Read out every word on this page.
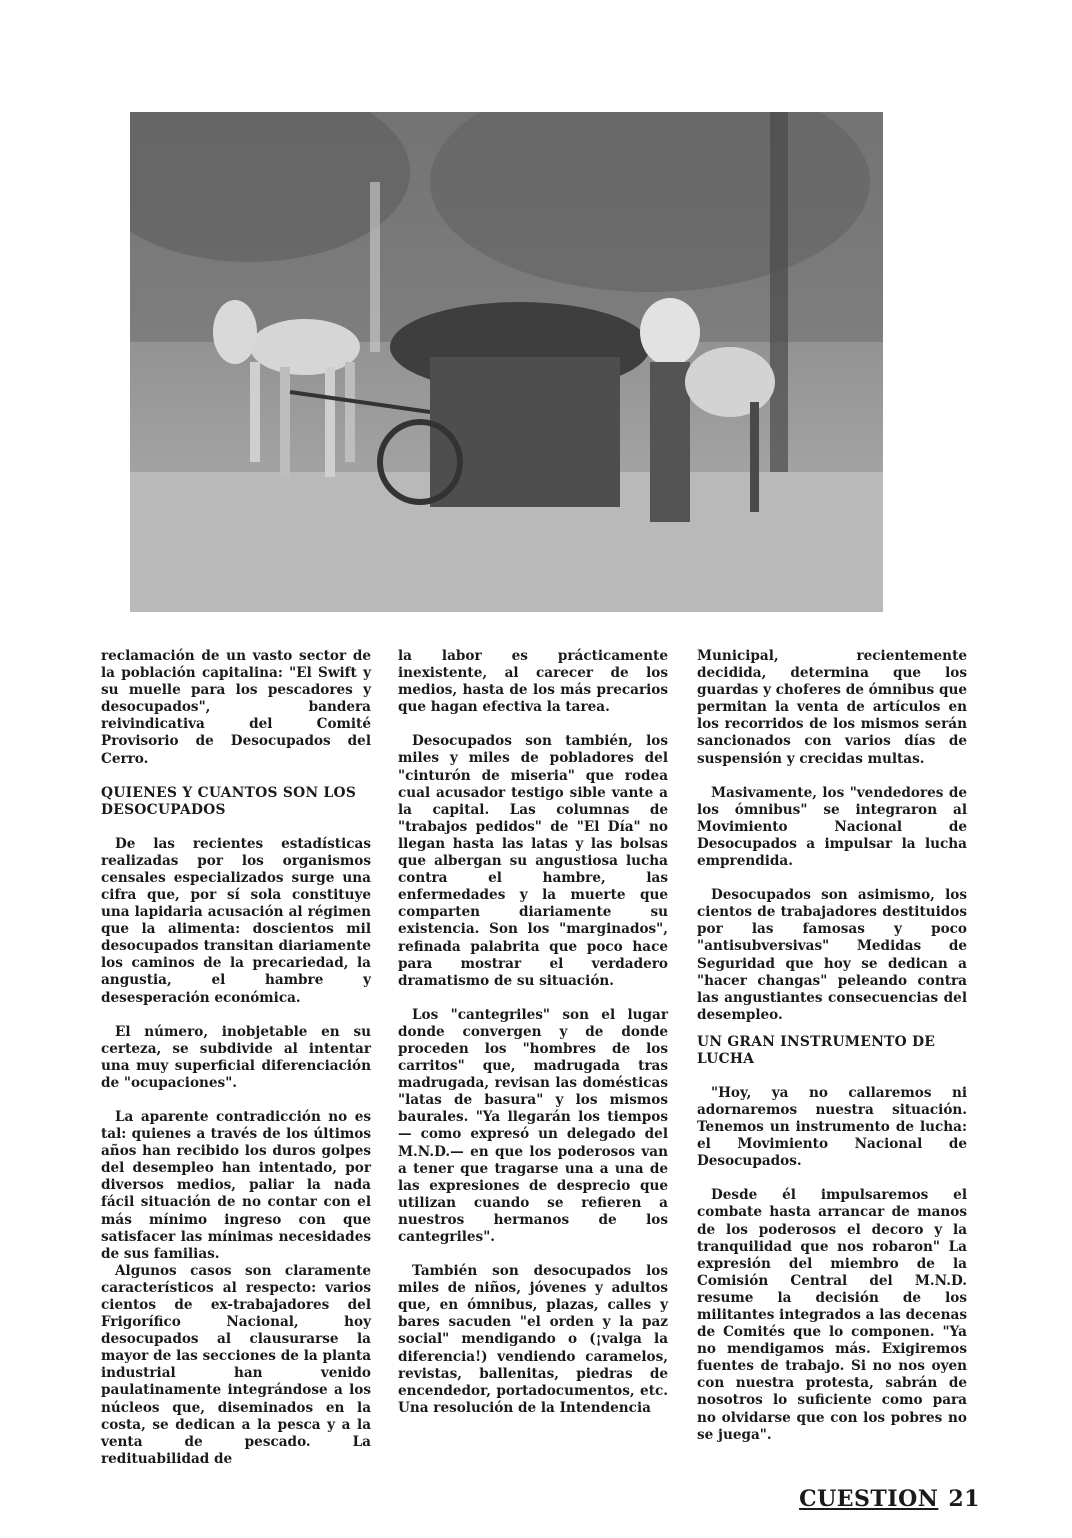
reclamación de un vasto sector de la población capitalina: "El Swift y su muelle para los pescadores y desocupados", bandera reivindicativa del Comité Provisorio de Desocupados del Cerro.

QUIENES Y CUANTOS SON LOS DESOCUPADOS

De las recientes estadísticas realizadas por los organismos censales especializados surge una cifra que, por sí sola constituye una lapidaria acusación al régimen que la alimenta: doscientos mil desocupados transitan diariamente los caminos de la precariedad, la angustia, el hambre y desesperación económica.

El número, inobjetable en su certeza, se subdivide al intentar una muy superficial diferenciación de "ocupaciones".

La aparente contradicción no es tal: quienes a través de los últimos años han recibido los duros golpes del desempleo han intentado, por diversos medios, paliar la nada fácil situación de no contar con el más mínimo ingreso con que satisfacer las mínimas necesidades de sus familias.

Algunos casos son claramente característicos al respecto: varios cientos de ex-trabajadores del Frigorífico Nacional, hoy desocupados al clausurarse la mayor de las secciones de la planta industrial han venido paulatinamente integrándose a los núcleos que, diseminados en la costa, se dedican a la pesca y a la venta de pescado. La redituabilidad de

la labor es prácticamente inexistente, al carecer de los medios, hasta de los más precarios que hagan efectiva la tarea.

Desocupados son también, los miles y miles de pobladores del "cinturón de miseria" que rodea cual acusador testigo sible vante a la capital. Las columnas de "trabajos pedidos" de "El Día" no llegan hasta las latas y las bolsas que albergan su angustiosa lucha contra el hambre, las enfermedades y la muerte que comparten diariamente su existencia. Son los "marginados", refinada palabrita que poco hace para mostrar el verdadero dramatismo de su situación.

Los "cantegriles" son el lugar donde convergen y de donde proceden los "hombres de los carritos" que, madrugada tras madrugada, revisan las domésticas "latas de basura" y los mismos baurales. "Ya llegarán los tiempos — como expresó un delegado del M.N.D.— en que los poderosos van a tener que tragarse una a una de las expresiones de desprecio que utilizan cuando se refieren a nuestros hermanos de los cantegriles".

También son desocupados los miles de niños, jóvenes y adultos que, en ómnibus, plazas, calles y bares sacuden "el orden y la paz social" mendigando o (¡valga la diferencia!) vendiendo caramelos, revistas, ballenitas, piedras de encendedor, portadocumentos, etc. Una resolución de la Intendencia

Municipal, recientemente decidida, determina que los guardas y choferes de ómnibus que permitan la venta de artículos en los recorridos de los mismos serán sancionados con varios días de suspensión y crecidas multas.

Masivamente, los "vendedores de los ómnibus" se integraron al Movimiento Nacional de Desocupados a impulsar la lucha emprendida.

Desocupados son asimismo, los cientos de trabajadores destituidos por las famosas y poco "antisubversivas" Medidas de Seguridad que hoy se dedican a "hacer changas" peleando contra las angustiantes consecuencias del desempleo.

UN GRAN INSTRUMENTO DE LUCHA

"Hoy, ya no callaremos ni adornaremos nuestra situación. Tenemos un instrumento de lucha: el Movimiento Nacional de Desocupados.

Desde él impulsaremos el combate hasta arrancar de manos de los poderosos el decoro y la tranquilidad que nos robaron" La expresión del miembro de la Comisión Central del M.N.D. resume la decisión de los militantes integrados a las decenas de Comités que lo componen. "Ya no mendigamos más. Exigiremos fuentes de trabajo. Si no nos oyen con nuestra protesta, sabrán de nosotros lo suficiente como para no olvidarse que con los pobres no se juega".

CUESTION 21
